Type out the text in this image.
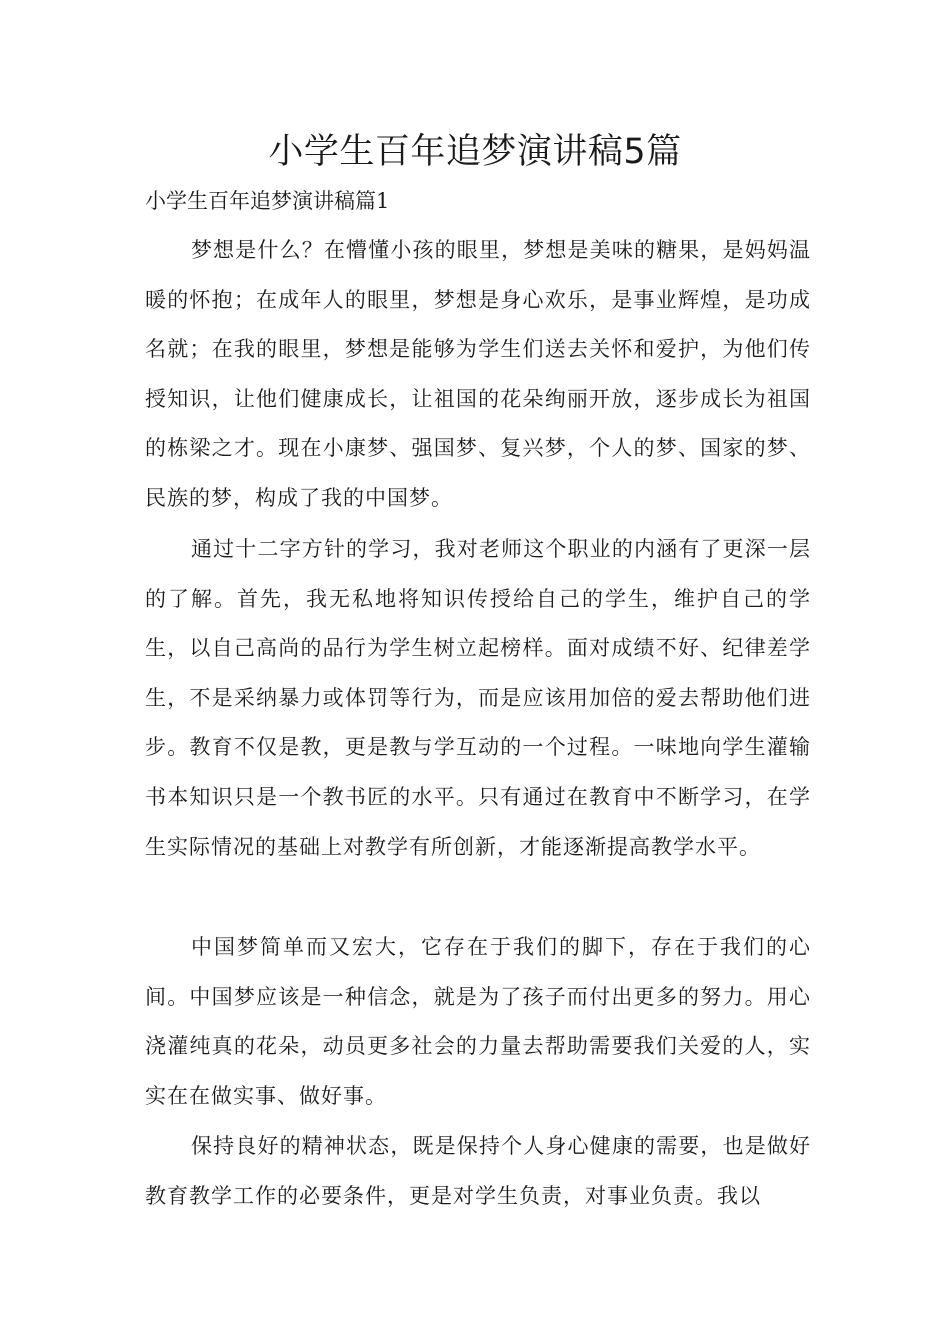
小学生百年追梦演讲稿5篇
小学生百年追梦演讲稿篇1

梦想是什么？在懵懂小孩的眼里，梦想是美味的糖果，是妈妈温暖的怀抱；在成年人的眼里，梦想是身心欢乐，是事业辉煌，是功成名就；在我的眼里，梦想是能够为学生们送去关怀和爱护，为他们传授知识，让他们健康成长，让祖国的花朵绚丽开放，逐步成长为祖国的栋梁之才。现在小康梦、强国梦、复兴梦，个人的梦、国家的梦、民族的梦，构成了我的中国梦。

通过十二字方针的学习，我对老师这个职业的内涵有了更深一层的了解。首先，我无私地将知识传授给自己的学生，维护自己的学生，以自己高尚的品行为学生树立起榜样。面对成绩不好、纪律差学生，不是采纳暴力或体罚等行为，而是应该用加倍的爱去帮助他们进步。教育不仅是教，更是教与学互动的一个过程。一味地向学生灌输书本知识只是一个教书匠的水平。只有通过在教育中不断学习，在学生实际情况的基础上对教学有所创新，才能逐渐提高教学水平。

中国梦简单而又宏大，它存在于我们的脚下，存在于我们的心间。中国梦应该是一种信念，就是为了孩子而付出更多的努力。用心浇灌纯真的花朵，动员更多社会的力量去帮助需要我们关爱的人，实实在在做实事、做好事。

保持良好的精神状态，既是保持个人身心健康的需要，也是做好教育教学工作的必要条件，更是对学生负责，对事业负责。我以
